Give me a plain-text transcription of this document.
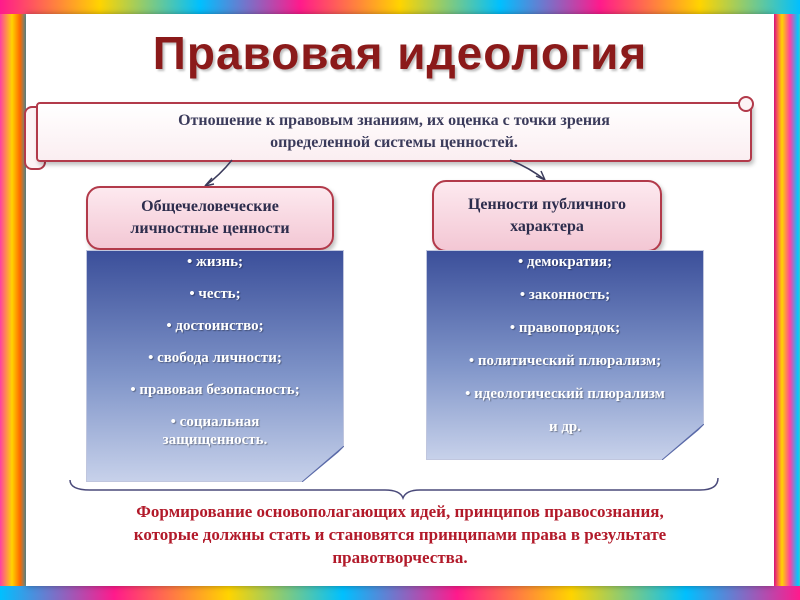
Правовая идеология
Отношение к правовым знаниям, их оценка с точки зрения
определенной системы ценностей.
Общечеловеческие
личностные ценности
Ценности публичного
характера
• жизнь;
• честь;
• достоинство;
• свобода личности;
• правовая безопасность;
• социальная защищенность.
• демократия;
• законность;
• правопорядок;
• политический плюрализм;
• идеологический плюрализм
и др.
Формирование основополагающих идей, принципов правосознания,
которые должны стать и становятся принципами права в результате
правотворчества.
